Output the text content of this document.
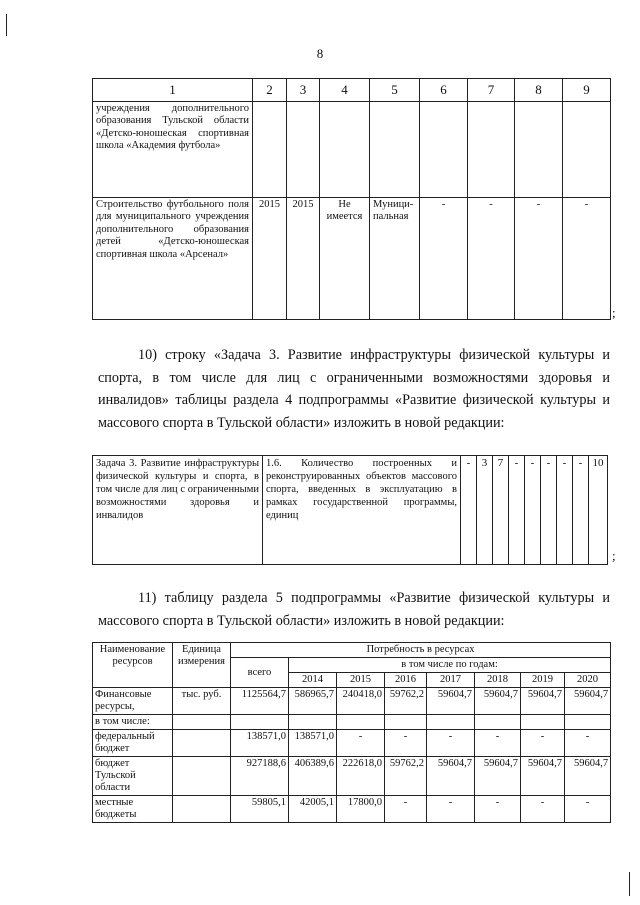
8
1	2	3	4	5	6	7	8	9
учреждения дополнительного образования Тульской области «Детско-юношеская спортивная школа «Академия футбола»								
Строительство футбольного поля для муниципального учреждения дополнительного образования детей «Детско-юношеская спортивная школа «Арсенал»	2015	2015	Не имеется	Муници-пальная	-	-	-	-
;
10) строку «Задача 3. Развитие инфраструктуры физической культуры и спорта, в том числе для лиц с ограниченными возможностями здоровья и инвалидов» таблицы раздела 4 подпрограммы «Развитие физической культуры и массового спорта в Тульской области» изложить в новой редакции:
Задача 3. Развитие инфраструктуры физической культуры и спорта, в том числе для лиц с ограниченными возможностями здоровья и инвалидов	1.6. Количество построенных и реконструированных объектов массового спорта, введенных в эксплуатацию в рамках государственной программы, единиц	-	3	7	-	-	-	-	-	10
;
11) таблицу раздела 5 подпрограммы «Развитие физической культуры и массового спорта в Тульской области» изложить в новой редакции:
Наименование ресурсов	Единица измерения	Потребность в ресурсах							
		всего	в том числе по годам:						
			2014	2015	2016	2017	2018	2019	2020
Финансовые ресурсы,	тыс. руб.	1125564,7	586965,7	240418,0	59762,2	59604,7	59604,7	59604,7	59604,7
в том числе:									
федеральный бюджет		138571,0	138571,0	-	-	-	-	-	-
бюджет Тульской области		927188,6	406389,6	222618,0	59762,2	59604,7	59604,7	59604,7	59604,7
местные бюджеты		59805,1	42005,1	17800,0	-	-	-	-	-
